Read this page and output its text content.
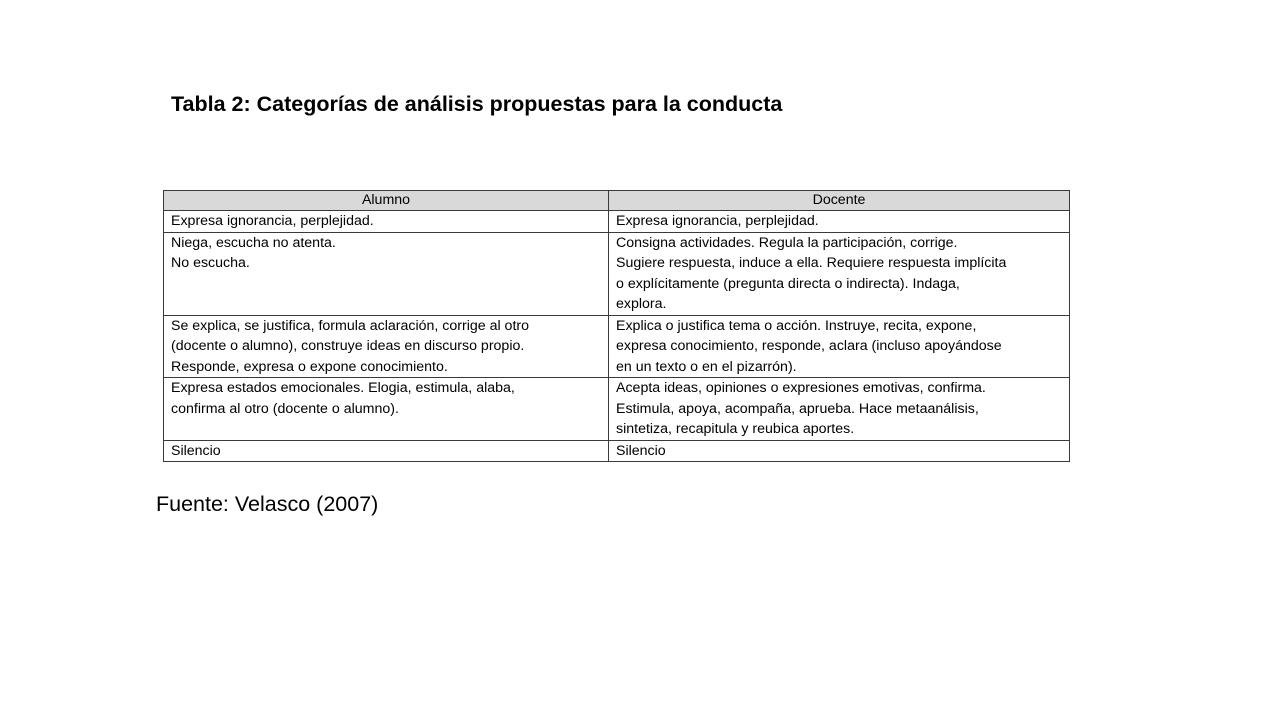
Tabla 2: Categorías de análisis propuestas para la conducta
Alumno	Docente

Expresa ignorancia, perplejidad.	Expresa ignorancia, perplejidad.

Niega, escucha no atenta.
No escucha.	Consigna actividades. Regula la participación, corrige.
Sugiere respuesta, induce a ella. Requiere respuesta implícita
o explícitamente (pregunta directa o indirecta). Indaga,
explora.

Se explica, se justifica, formula aclaración, corrige al otro
(docente o alumno), construye ideas en discurso propio.
Responde, expresa o expone conocimiento.	Explica o justifica tema o acción. Instruye, recita, expone,
expresa conocimiento, responde, aclara (incluso apoyándose
en un texto o en el pizarrón).

Expresa estados emocionales. Elogia, estimula, alaba,
confirma al otro (docente o alumno).	Acepta ideas, opiniones o expresiones emotivas, confirma.
Estimula, apoya, acompaña, aprueba. Hace metaanálisis,
sintetiza, recapitula y reubica aportes.

Silencio	Silencio
Fuente: Velasco (2007)
